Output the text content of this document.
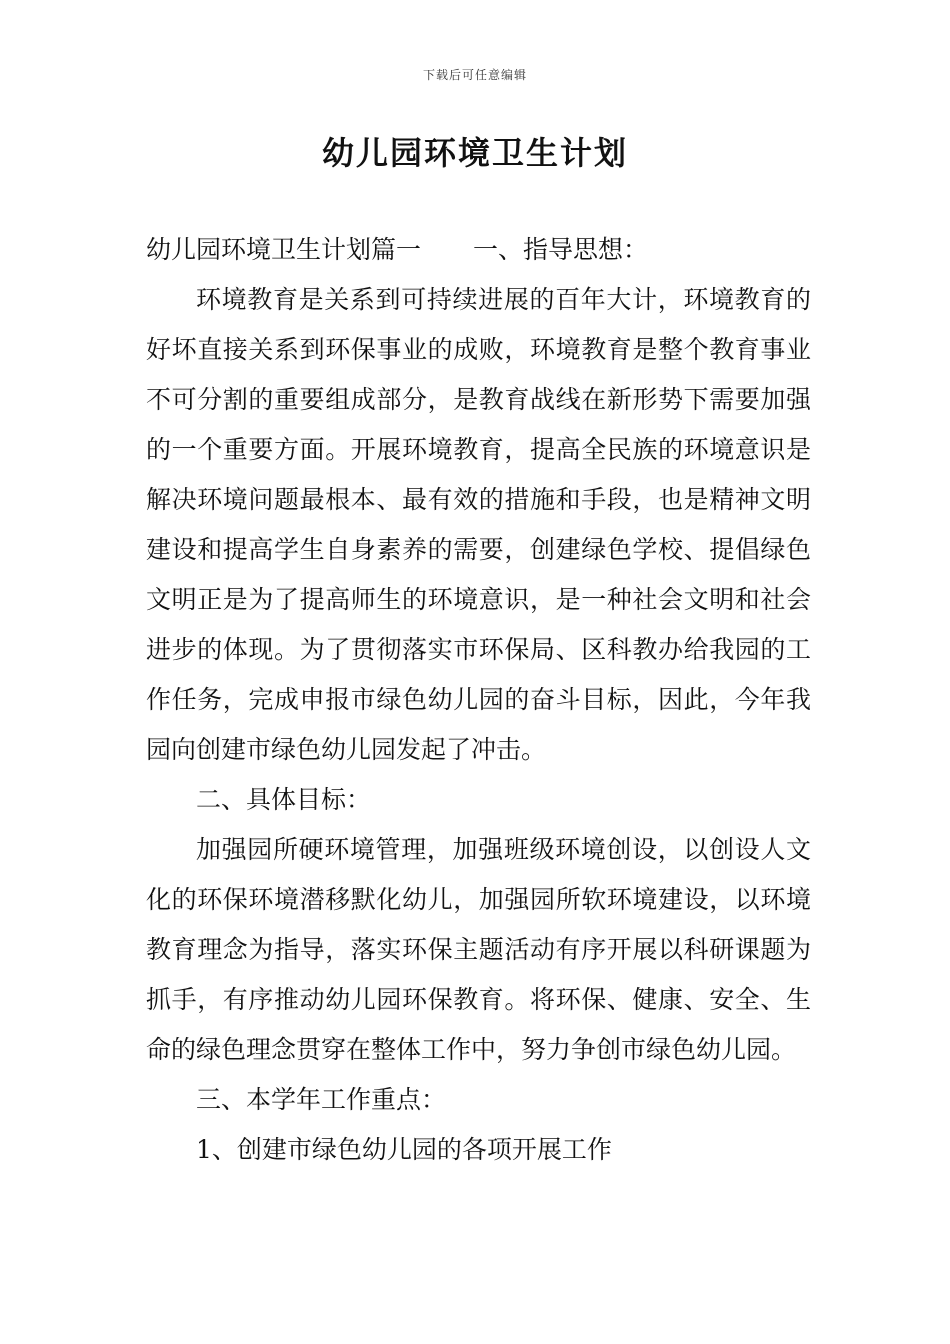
下载后可任意编辑
幼儿园环境卫生计划

幼儿园环境卫生计划篇一 一、指导思想：

环境教育是关系到可持续进展的百年大计，环境教育的好坏直接关系到环保事业的成败，环境教育是整个教育事业不可分割的重要组成部分，是教育战线在新形势下需要加强的一个重要方面。开展环境教育，提高全民族的环境意识是解决环境问题最根本、最有效的措施和手段，也是精神文明建设和提高学生自身素养的需要，创建绿色学校、提倡绿色文明正是为了提高师生的环境意识，是一种社会文明和社会进步的体现。为了贯彻落实市环保局、区科教办给我园的工作任务，完成申报市绿色幼儿园的奋斗目标，因此，今年我园向创建市绿色幼儿园发起了冲击。

二、具体目标：

加强园所硬环境管理，加强班级环境创设，以创设人文化的环保环境潜移默化幼儿，加强园所软环境建设，以环境教育理念为指导，落实环保主题活动有序开展以科研课题为抓手，有序推动幼儿园环保教育。将环保、健康、安全、生命的绿色理念贯穿在整体工作中，努力争创市绿色幼儿园。

三、本学年工作重点：

1、创建市绿色幼儿园的各项开展工作
